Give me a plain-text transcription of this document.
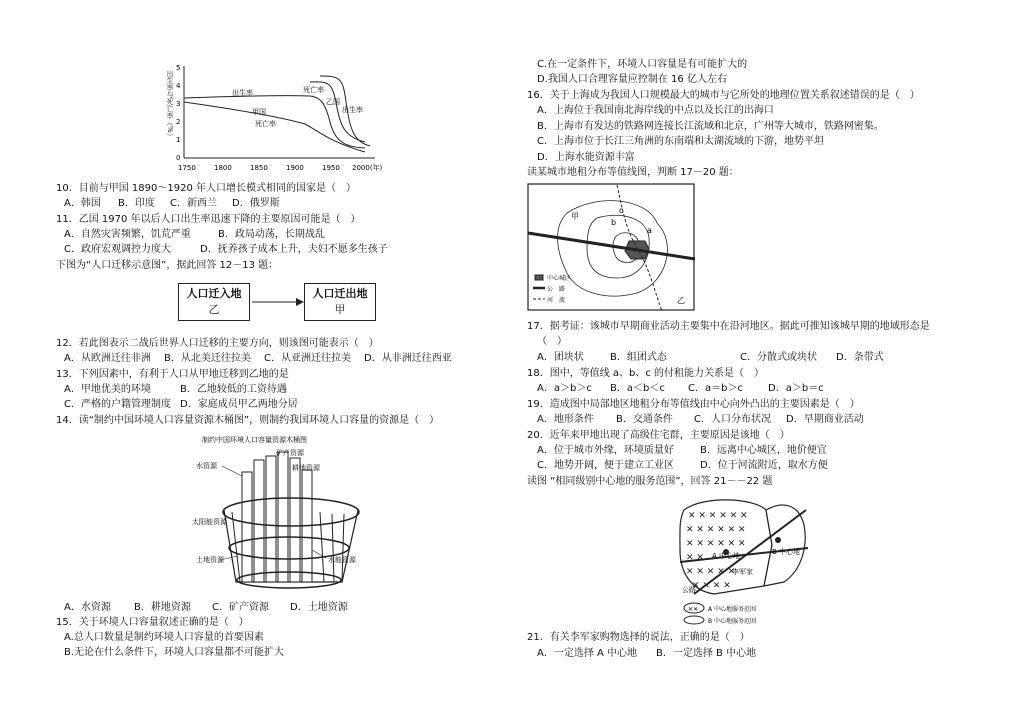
出生率与死亡率（%）
5
4
3
2
1
0
出生率
甲国
死亡率
死亡率
乙国
出生率
1750	1800	1850	1900	1950 2000(年)
10．目前与甲国 1890～1920 年人口增长模式相同的国家是（　）
A．韩国 B．印度 C．新西兰 D．俄罗斯
11．乙国 1970 年以后人口出生率迅速下降的主要原因可能是（　）
A．自然灾害频繁，饥荒严重	B．政局动荡，长期战乱
C．政府宏观调控力度大	D．抚养孩子成本上升，夫妇不愿多生孩子
下图为“人口迁移示意图”，据此回答 12－13 题：
人口迁入地
乙
人口迁出地
甲
12．若此图表示二战后世界人口迁移的主要方向，则该图可能表示（　）
A．从欧洲迁往非洲 B．从北美迁往拉美 C．从亚洲迁往拉美 D．从非洲迁往西亚
13．下列因素中，有利于人口从甲地迁移到乙地的是
A．甲地优美的环境	B．乙地较低的工资待遇
C．严格的户籍管理制度 D．家庭成员甲乙两地分居
14．读“制约中国环境人口容量资源木桶图”，则制约我国环境人口容量的资源是（　）
制约中国环境人口容量资源木桶图
水资源
矿产资源
耕地资源
太阳能资源
土地资源	水能资源
A．水资源 B．耕地资源 C．矿产资源 D．土地资源
15．关于环境人口容量叙述正确的是（　）
A.总人口数量是制约环境人口容量的首要因素
B.无论在什么条件下，环境人口容量都不可能扩大
C.在一定条件下，环境人口容量是有可能扩大的
D.我国人口合理容量应控制在 16 亿人左右
16．关于上海成为我国人口规模最大的城市与它所处的地理位置关系叙述错误的是（　）
A．上海位于我国南北海岸线的中点以及长江的出海口
B．上海市有发达的铁路网连接长江流域和北京，广州等大城市，铁路网密集。
C．上海市位于长江三角洲的东南端和太湖流域的下游，地势平坦
D．上海水能资源丰富
读某城市地租分布等值线图，判断 17－20 题：
甲
c
b
a
乙
中心城区
公　路
河　流
17．据考证：该城市早期商业活动主要集中在沿河地区。据此可推知该城早期的地域形态是
（　）
A．团块状	B．组团式态	C．分散式或块状 D．条带式
18．图中，等值线 a、b、c 的付租能力关系是（　）
A．a＞b＞c B．a＜b＜c C．a＝b＞c	D．a＞b＝c
19．造成图中局部地区地租分布等值线由中心向外凸出的主要因素是（　）
A．地形条件 B．交通条件 C．人口分布状况 D．早期商业活动
20．近年来甲地出现了高级住宅群，主要原因是该地（　）
A．位于城市外缘，环境质量好	B．远离中心城区，地价便宜
C．地势开阔，便于建立工业区	D．位于河流附近，取水方便
读图 “相同级别中心地的服务范围”，回答 21－－22 题
✕ ✕ ✕ ✕ ✕ ✕
✕ ✕ ✕ ✕ ✕ ✕
✕ ✕ ✕ ✕ ✕ ✕
✕ ✕
✕ ✕ ✕ ✕ ✕
✕ ✕ ✕ ✕
A 中心地	B 中心地
李军家
公路
✕✕ A 中心地服务范围
B 中心地服务范围
21．有关李军家购物选择的说法，正确的是（　）
A．一定选择 A 中心地 B．一定选择 B 中心地
